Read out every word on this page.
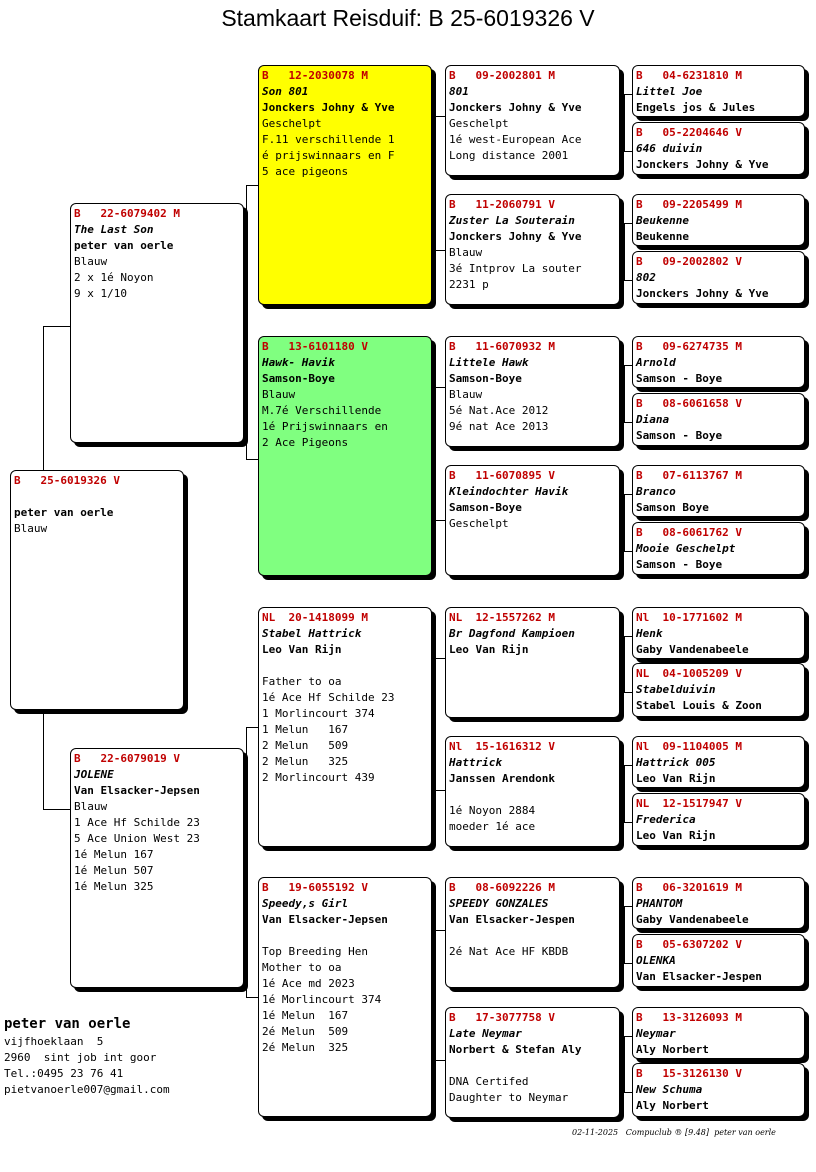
Stamkaart Reisduif: B 25-6019326 V
B   25-6019326 V
peter van oerle
Blauw
B   22-6079402 M
The Last Son
peter van oerle
Blauw
2 x 1é Noyon
9 x 1/10
B   22-6079019 V
JOLENE
Van Elsacker-Jepsen
Blauw
1 Ace Hf Schilde 23
5 Ace Union West 23
1é Melun 167
1é Melun 507
1é Melun 325
B   12-2030078 M
Son 801
Jonckers Johny & Yve
Geschelpt
F.11 verschillende 1
é prijswinnaars en F
5 ace pigeons
B   13-6101180 V
Hawk- Havik
Samson-Boye
Blauw
M.7é Verschillende
1é Prijswinnaars en
2 Ace Pigeons
NL  20-1418099 M
Stabel Hattrick
Leo Van Rijn
Father to oa
1é Ace Hf Schilde 23
1 Morlincourt 374
1 Melun   167
2 Melun   509
2 Melun   325
2 Morlincourt 439
B   19-6055192 V
Speedy,s Girl
Van Elsacker-Jepsen
Top Breeding Hen
Mother to oa
1é Ace md 2023
1é Morlincourt 374
1é Melun  167
2é Melun  509
2é Melun  325
B   09-2002801 M
801
Jonckers Johny & Yve
Geschelpt
1é west-European Ace
Long distance 2001
B   11-2060791 V
Zuster La Souterain
Jonckers Johny & Yve
Blauw
3é Intprov La souter
2231 p
B   11-6070932 M
Littele Hawk
Samson-Boye
Blauw
5é Nat.Ace 2012
9é nat Ace 2013
B   11-6070895 V
Kleindochter Havik
Samson-Boye
Geschelpt
NL  12-1557262 M
Br Dagfond Kampioen
Leo Van Rijn
Nl  15-1616312 V
Hattrick
Janssen Arendonk
1é Noyon 2884
moeder 1é ace
B   08-6092226 M
SPEEDY GONZALES
Van Elsacker-Jespen
2é Nat Ace HF KBDB
B   17-3077758 V
Late Neymar
Norbert & Stefan Aly
DNA Certifed
Daughter to Neymar
B   04-6231810 M
Littel Joe
Engels jos & Jules
B   05-2204646 V
646 duivin
Jonckers Johny & Yve
B   09-2205499 M
Beukenne
Beukenne
B   09-2002802 V
802
Jonckers Johny & Yve
B   09-6274735 M
Arnold
Samson - Boye
B   08-6061658 V
Diana
Samson - Boye
B   07-6113767 M
Branco
Samson Boye
B   08-6061762 V
Mooie Geschelpt
Samson - Boye
Nl  10-1771602 M
Henk
Gaby Vandenabeele
NL  04-1005209 V
Stabelduivin
Stabel Louis & Zoon
Nl  09-1104005 M
Hattrick 005
Leo Van Rijn
NL  12-1517947 V
Frederica
Leo Van Rijn
B   06-3201619 M
PHANTOM
Gaby Vandenabeele
B   05-6307202 V
OLENKA
Van Elsacker-Jespen
B   13-3126093 M
Neymar
Aly Norbert
B   15-3126130 V
New Schuma
Aly Norbert
peter van oerle
vijfhoeklaan  5
2960  sint job int goor
Tel.:0495 23 76 41
pietvanoerle007@gmail.com
02-11-2025   Compuclub ® [9.48]  peter van oerle
